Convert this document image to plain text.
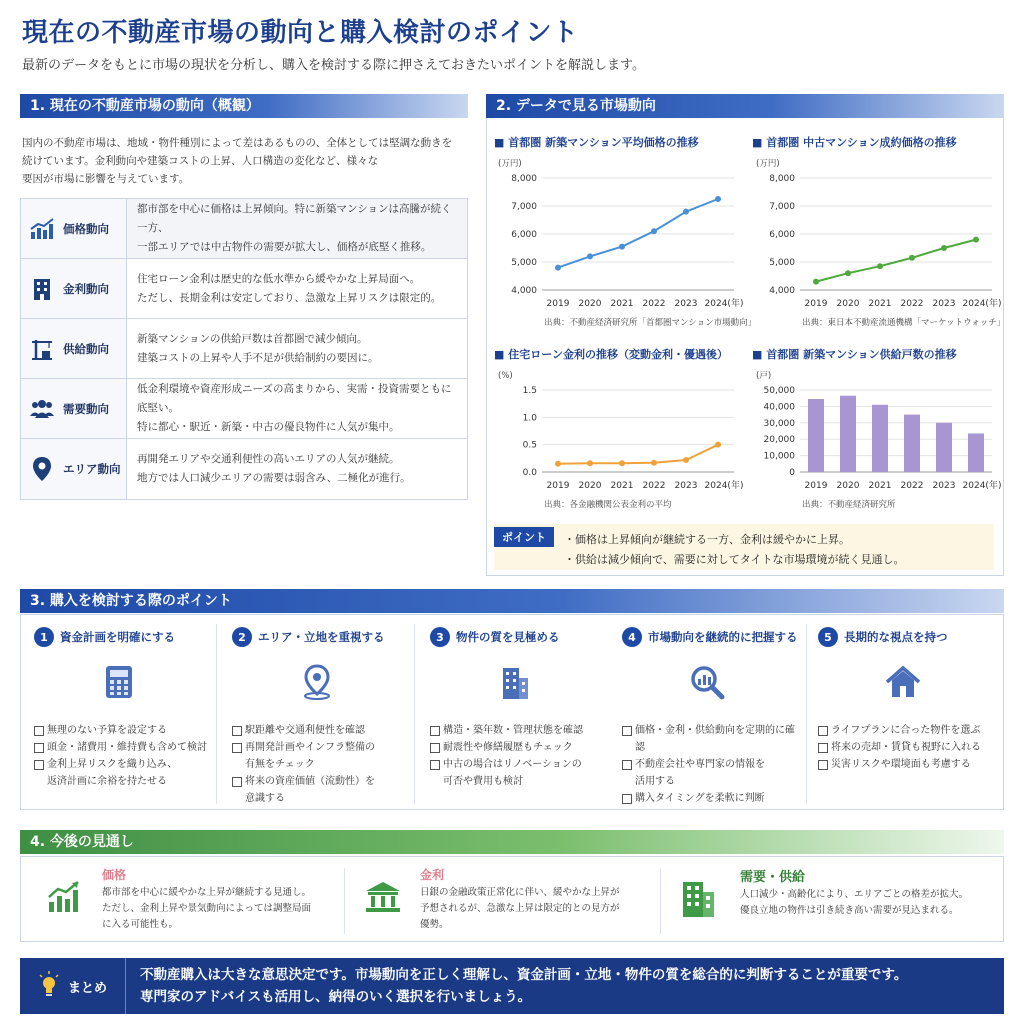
現在の不動産市場の動向と購入検討のポイント
最新のデータをもとに市場の現状を分析し、購入を検討する際に押さえておきたいポイントを解説します。
1. 現在の不動産市場の動向（概観）
国内の不動産市場は、地域・物件種別によって差はあるものの、全体としては堅調な動きを
続けています。金利動向や建築コストの上昇、人口構造の変化など、様々な
要因が市場に影響を与えています。
価格動向
都市部を中心に価格は上昇傾向。特に新築マンションは高騰が続く一方、
一部エリアでは中古物件の需要が拡大し、価格が底堅く推移。
金利動向
住宅ローン金利は歴史的な低水準から緩やかな上昇局面へ。
ただし、長期金利は安定しており、急激な上昇リスクは限定的。
供給動向
新築マンションの供給戸数は首都圏で減少傾向。
建築コストの上昇や人手不足が供給制約の要因に。
需要動向
低金利環境や資産形成ニーズの高まりから、実需・投資需要ともに底堅い。
特に都心・駅近・新築・中古の優良物件に人気が集中。
エリア動向
再開発エリアや交通利便性の高いエリアの人気が継続。
地方では人口減少エリアの需要は弱含み、二極化が進行。
2. データで見る市場動向
■ 首都圏 新築マンション平均価格の推移
出典：不動産経済研究所「首都圏マンション市場動向」
(万円)
4,000
5,000
6,000
7,000
8,000
2019 2020 2021 2022 2023 2024(年)
■ 首都圏 中古マンション成約価格の推移
出典：東日本不動産流通機構「マーケットウォッチ」
(万円)
4,000
5,000
6,000
7,000
8,000
2019 2020 2021 2022 2023 2024(年)
■ 住宅ローン金利の推移（変動金利・優遇後）
出典：各金融機関公表金利の平均
(%)
0.0
0.5
1.0
1.5
2019 2020 2021 2022 2023 2024(年)
■ 首都圏 新築マンション供給戸数の推移
出典：不動産経済研究所
(戸)
0
10,000
20,000
30,000
40,000
50,000
2019 2020 2021 2022 2023 2024(年)
ポイント	・価格は上昇傾向が継続する一方、金利は緩やかに上昇。
・供給は減少傾向で、需要に対してタイトな市場環境が続く見通し。
3. 購入を検討する際のポイント
1	資金計画を明確にする
無理のない予算を設定する
頭金・諸費用・維持費も含めて検討
金利上昇リスクを織り込み、
返済計画に余裕を持たせる
2	エリア・立地を重視する
駅距離や交通利便性を確認
再開発計画やインフラ整備の
有無をチェック
将来の資産価値（流動性）を
意識する
3	物件の質を見極める
構造・築年数・管理状態を確認
耐震性や修繕履歴もチェック
中古の場合はリノベーションの
可否や費用も検討
4	市場動向を継続的に把握する
価格・金利・供給動向を定期的に確認
不動産会社や専門家の情報を
活用する
購入タイミングを柔軟に判断
5	長期的な視点を持つ
ライフプランに合った物件を選ぶ
将来の売却・賃貸も視野に入れる
災害リスクや環境面も考慮する
4. 今後の見通し
価格
都市部を中心に緩やかな上昇が継続する見通し。
ただし、金利上昇や景気動向によっては調整局面
に入る可能性も。
金利
日銀の金融政策正常化に伴い、緩やかな上昇が
予想されるが、急激な上昇は限定的との見方が
優勢。
需要・供給
人口減少・高齢化により、エリアごとの格差が拡大。
優良立地の物件は引き続き高い需要が見込まれる。
まとめ
不動産購入は大きな意思決定です。市場動向を正しく理解し、資金計画・立地・物件の質を総合的に判断することが重要です。
専門家のアドバイスも活用し、納得のいく選択を行いましょう。
